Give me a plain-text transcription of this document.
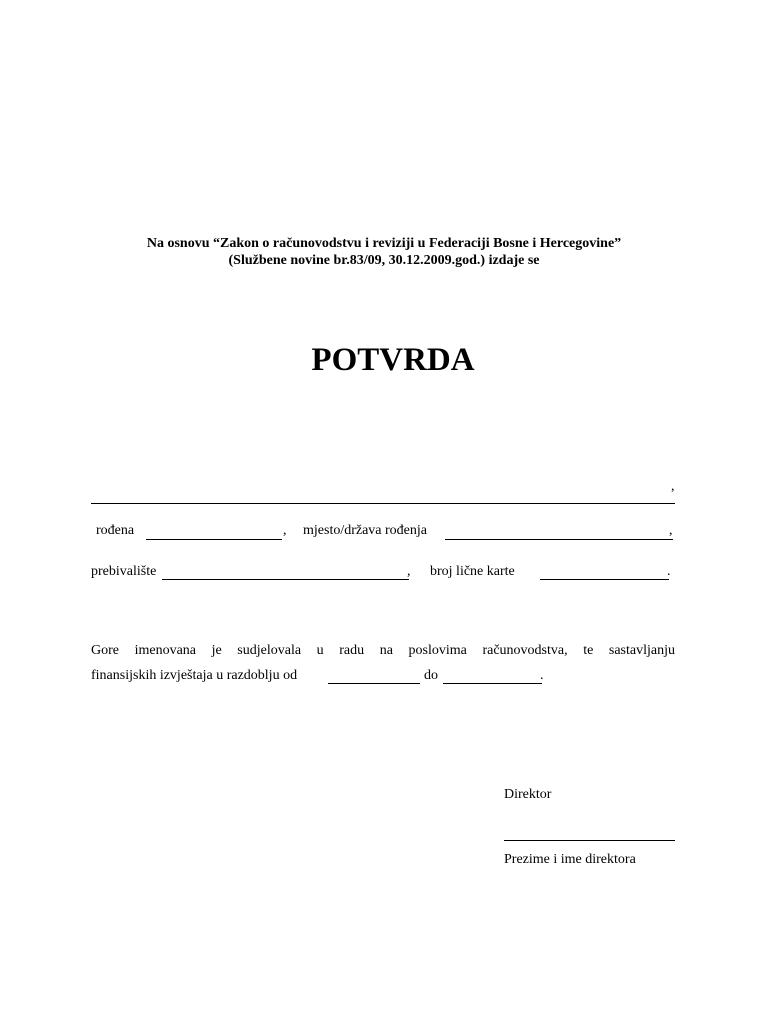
Na osnovu “Zakon o računovodstvu i reviziji u Federaciji Bosne i Hercegovine”
(Službene novine br.83/09, 30.12.2009.god.) izdaje se
POTVRDA
,
rođena	, mjesto/država rođenja	,
prebivalište	, broj lične karte	.
Gore imenovana je sudjelovala u radu na poslovima računovodstva, te sastavljanju
finansijskih izvještaja u razdoblju od	do	.
Direktor
Prezime i ime direktora
